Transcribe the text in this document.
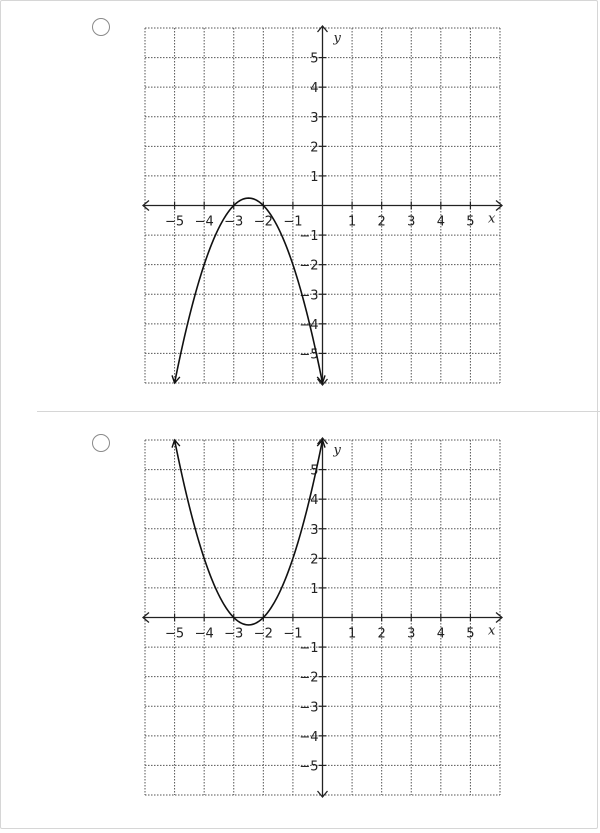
x
y
−5 −4 −3 −2 −1	1 2 3 4 5
5
4
3
2
1
−1
−2
−3
−4
−5
x
y
−5 −4 −3 −2 −1	1 2 3 4 5
5
4
3
2
1
−1
−2
−3
−4
−5
